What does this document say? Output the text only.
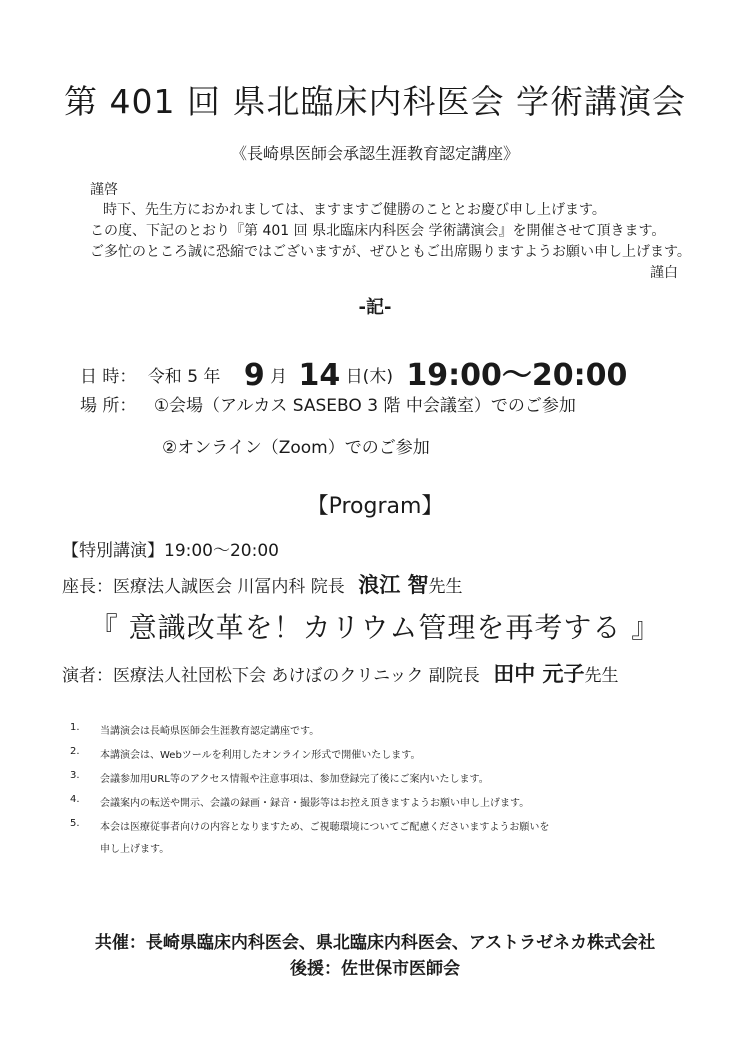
第 401 回 県北臨床内科医会 学術講演会
《長崎県医師会承認生涯教育認定講座》
謹啓
時下、先生方におかれましては、ますますご健勝のこととお慶び申し上げます。
この度、下記のとおり『第 401 回 県北臨床内科医会 学術講演会』を開催させて頂きます。
ご多忙のところ誠に恐縮ではございますが、ぜひともご出席賜りますようお願い申し上げます。
謹白
-記-
日 時： 令和 5 年 9 月 14 日(木) 19:00～20:00
場 所： ①会場（アルカス SASEBO 3 階 中会議室）でのご参加
②オンライン（Zoom）でのご参加
【Program】
【特別講演】19:00～20:00
座長：医療法人誠医会 川冨内科 院長 浪江 智先生
『 意識改革を！カリウム管理を再考する 』
演者：医療法人社団松下会 あけぼのクリニック 副院長 田中 元子先生
1.	当講演会は長崎県医師会生涯教育認定講座です。
2.	本講演会は、Webツールを利用したオンライン形式で開催いたします。
3.	会議参加用URL等のアクセス情報や注意事項は、参加登録完了後にご案内いたします。
4.	会議案内の転送や開示、会議の録画・録音・撮影等はお控え頂きますようお願い申し上げます。
5.	本会は医療従事者向けの内容となりますため、ご視聴環境についてご配慮くださいますようお願いを
申し上げます。
共催：長崎県臨床内科医会、県北臨床内科医会、アストラゼネカ株式会社
後援：佐世保市医師会
